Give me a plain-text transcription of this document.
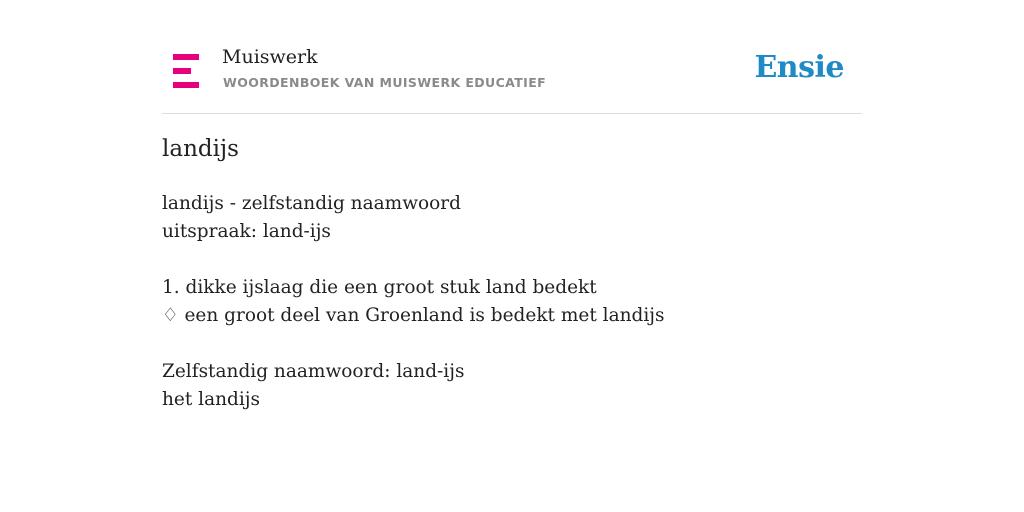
Muiswerk
WOORDENBOEK VAN MUISWERK EDUCATIEF	Ensie
landijs
landijs - zelfstandig naamwoord
uitspraak: land-ijs
1. dikke ijslaag die een groot stuk land bedekt
♢ een groot deel van Groenland is bedekt met landijs
Zelfstandig naamwoord: land-ijs
het landijs
